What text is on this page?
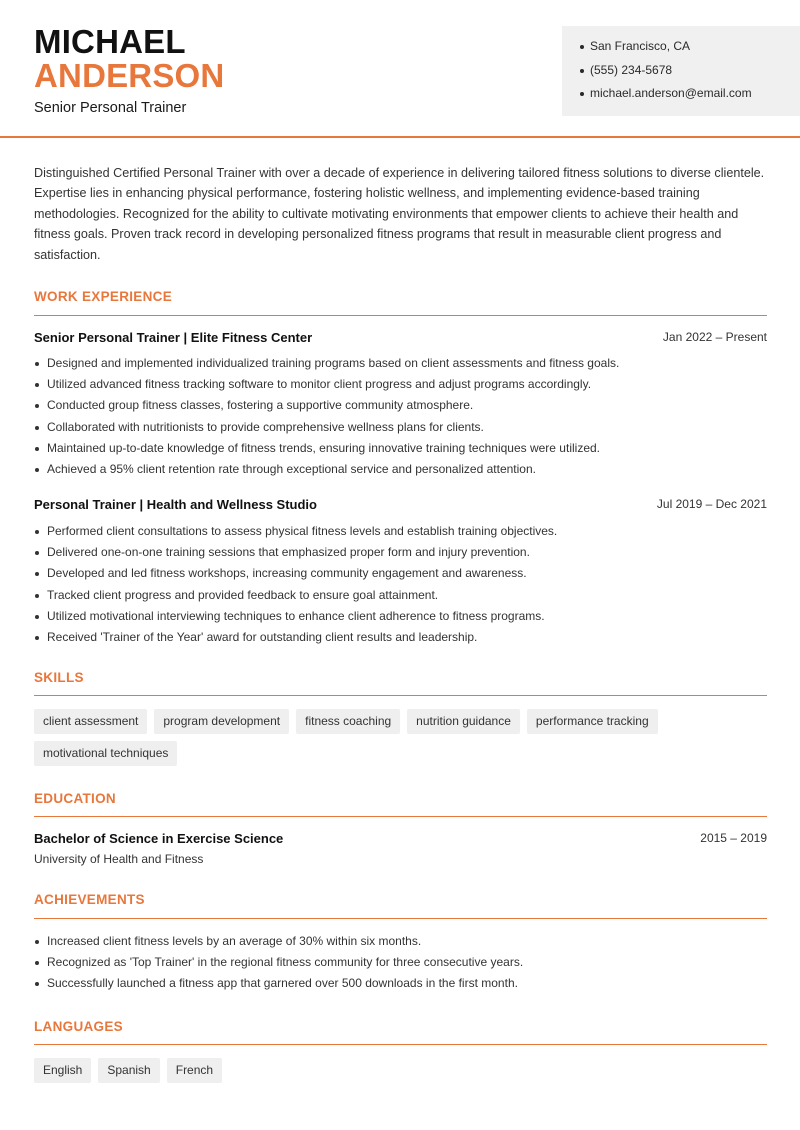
MICHAEL
ANDERSON
Senior Personal Trainer
San Francisco, CA
(555) 234-5678
michael.anderson@email.com

Distinguished Certified Personal Trainer with over a decade of experience in delivering tailored fitness solutions to diverse clientele. Expertise lies in enhancing physical performance, fostering holistic wellness, and implementing evidence-based training methodologies. Recognized for the ability to cultivate motivating environments that empower clients to achieve their health and fitness goals. Proven track record in developing personalized fitness programs that result in measurable client progress and satisfaction.

WORK EXPERIENCE
Senior Personal Trainer | Elite Fitness Center	Jan 2022 – Present
Designed and implemented individualized training programs based on client assessments and fitness goals.
Utilized advanced fitness tracking software to monitor client progress and adjust programs accordingly.
Conducted group fitness classes, fostering a supportive community atmosphere.
Collaborated with nutritionists to provide comprehensive wellness plans for clients.
Maintained up-to-date knowledge of fitness trends, ensuring innovative training techniques were utilized.
Achieved a 95% client retention rate through exceptional service and personalized attention.
Personal Trainer | Health and Wellness Studio	Jul 2019 – Dec 2021
Performed client consultations to assess physical fitness levels and establish training objectives.
Delivered one-on-one training sessions that emphasized proper form and injury prevention.
Developed and led fitness workshops, increasing community engagement and awareness.
Tracked client progress and provided feedback to ensure goal attainment.
Utilized motivational interviewing techniques to enhance client adherence to fitness programs.
Received 'Trainer of the Year' award for outstanding client results and leadership.
SKILLS
client assessment	program development	fitness coaching	nutrition guidance	performance tracking
motivational techniques
EDUCATION
Bachelor of Science in Exercise Science	2015 – 2019
University of Health and Fitness
ACHIEVEMENTS
Increased client fitness levels by an average of 30% within six months.
Recognized as 'Top Trainer' in the regional fitness community for three consecutive years.
Successfully launched a fitness app that garnered over 500 downloads in the first month.
LANGUAGES
English	Spanish	French
